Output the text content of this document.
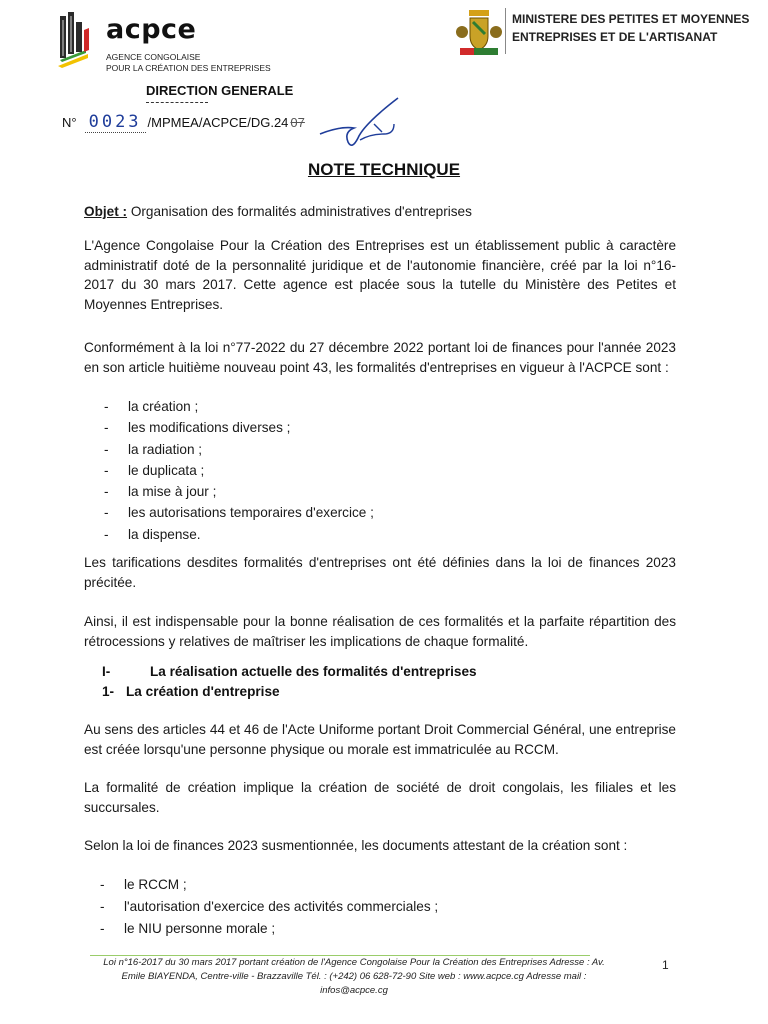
acpce
AGENCE CONGOLAISE
POUR LA CRÉATION DES ENTREPRISES
MINISTERE DES PETITES ET MOYENNES
ENTREPRISES ET DE L'ARTISANAT
DIRECTION GENERALE
N° 0023 /MPMEA/ACPCE/DG.24 07
NOTE TECHNIQUE
Objet : Organisation des formalités administratives d'entreprises

L'Agence Congolaise Pour la Création des Entreprises est un établissement public à caractère administratif doté de la personnalité juridique et de l'autonomie financière, créé par la loi n°16-2017 du 30 mars 2017. Cette agence est placée sous la tutelle du Ministère des Petites et Moyennes Entreprises.

Conformément à la loi n°77-2022 du 27 décembre 2022 portant loi de finances pour l'année 2023 en son article huitième nouveau point 43, les formalités d'entreprises en vigueur à l'ACPCE sont :

- la création ;
- les modifications diverses ;
- la radiation ;
- le duplicata ;
- la mise à jour ;
- les autorisations temporaires d'exercice ;
- la dispense.

Les tarifications desdites formalités d'entreprises ont été définies dans la loi de finances 2023 précitée.

Ainsi, il est indispensable pour la bonne réalisation de ces formalités et la parfaite répartition des rétrocessions y relatives de maîtriser les implications de chaque formalité.

I-	La réalisation actuelle des formalités d'entreprises
1- La création d'entreprise

Au sens des articles 44 et 46 de l'Acte Uniforme portant Droit Commercial Général, une entreprise est créée lorsqu'une personne physique ou morale est immatriculée au RCCM.

La formalité de création implique la création de société de droit congolais, les filiales et les succursales.

Selon la loi de finances 2023 susmentionnée, les documents attestant de la création sont :

- le RCCM ;
- l'autorisation d'exercice des activités commerciales ;
- le NIU personne morale ;
Loi n°16-2017 du 30 mars 2017 portant création de l'Agence Congolaise Pour la Création des Entreprises Adresse : Av.
Emile BIAYENDA, Centre-ville - Brazzaville Tél. : (+242) 06 628-72-90 Site web : www.acpce.cg Adresse mail :
infos@acpce.cg
1
